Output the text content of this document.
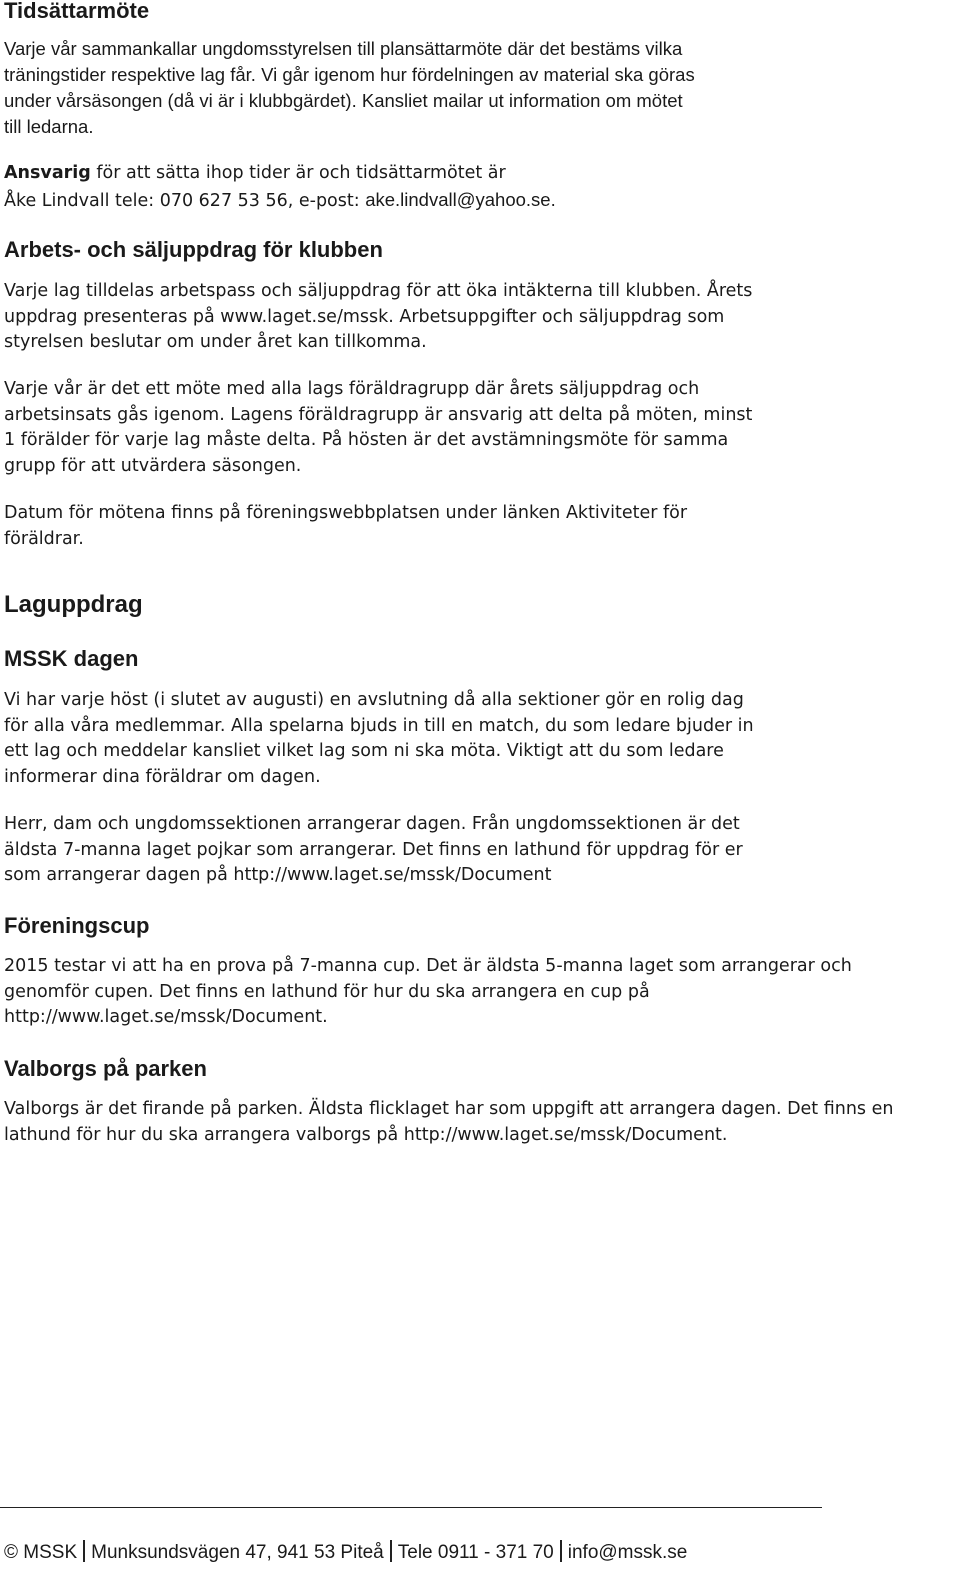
Tidsättarmöte

Varje vår sammankallar ungdomsstyrelsen till plansättarmöte där det bestäms vilka
träningstider respektive lag får. Vi går igenom hur fördelningen av material ska göras
under vårsäsongen (då vi är i klubbgärdet). Kansliet mailar ut information om mötet
till ledarna.

Ansvarig för att sätta ihop tider är och tidsättarmötet är

Åke Lindvall tele: 070 627 53 56, e-post: ake.lindvall@yahoo.se.

Arbets- och säljuppdrag för klubben

Varje lag tilldelas arbetspass och säljuppdrag för att öka intäkterna till klubben. Årets
uppdrag presenteras på www.laget.se/mssk. Arbetsuppgifter och säljuppdrag som
styrelsen beslutar om under året kan tillkomma.

Varje vår är det ett möte med alla lags föräldragrupp där årets säljuppdrag och
arbetsinsats gås igenom. Lagens föräldragrupp är ansvarig att delta på möten, minst
1 förälder för varje lag måste delta. På hösten är det avstämningsmöte för samma
grupp för att utvärdera säsongen.

Datum för mötena finns på föreningswebbplatsen under länken Aktiviteter för
föräldrar.

Laguppdrag
MSSK dagen

Vi har varje höst (i slutet av augusti) en avslutning då alla sektioner gör en rolig dag
för alla våra medlemmar. Alla spelarna bjuds in till en match, du som ledare bjuder in
ett lag och meddelar kansliet vilket lag som ni ska möta. Viktigt att du som ledare
informerar dina föräldrar om dagen.

Herr, dam och ungdomssektionen arrangerar dagen. Från ungdomssektionen är det
äldsta 7-manna laget pojkar som arrangerar. Det finns en lathund för uppdrag för er
som arrangerar dagen på http://www.laget.se/mssk/Document

Föreningscup

2015 testar vi att ha en prova på 7-manna cup. Det är äldsta 5-manna laget som arrangerar och
genomför cupen. Det finns en lathund för hur du ska arrangera en cup på
http://www.laget.se/mssk/Document.

Valborgs på parken

Valborgs är det firande på parken. Äldsta flicklaget har som uppgift att arrangera dagen. Det finns en
lathund för hur du ska arrangera valborgs på http://www.laget.se/mssk/Document.

© MSSK Munksundsvägen 47, 941 53 Piteå Tele 0911 - 371 70 info@mssk.se
